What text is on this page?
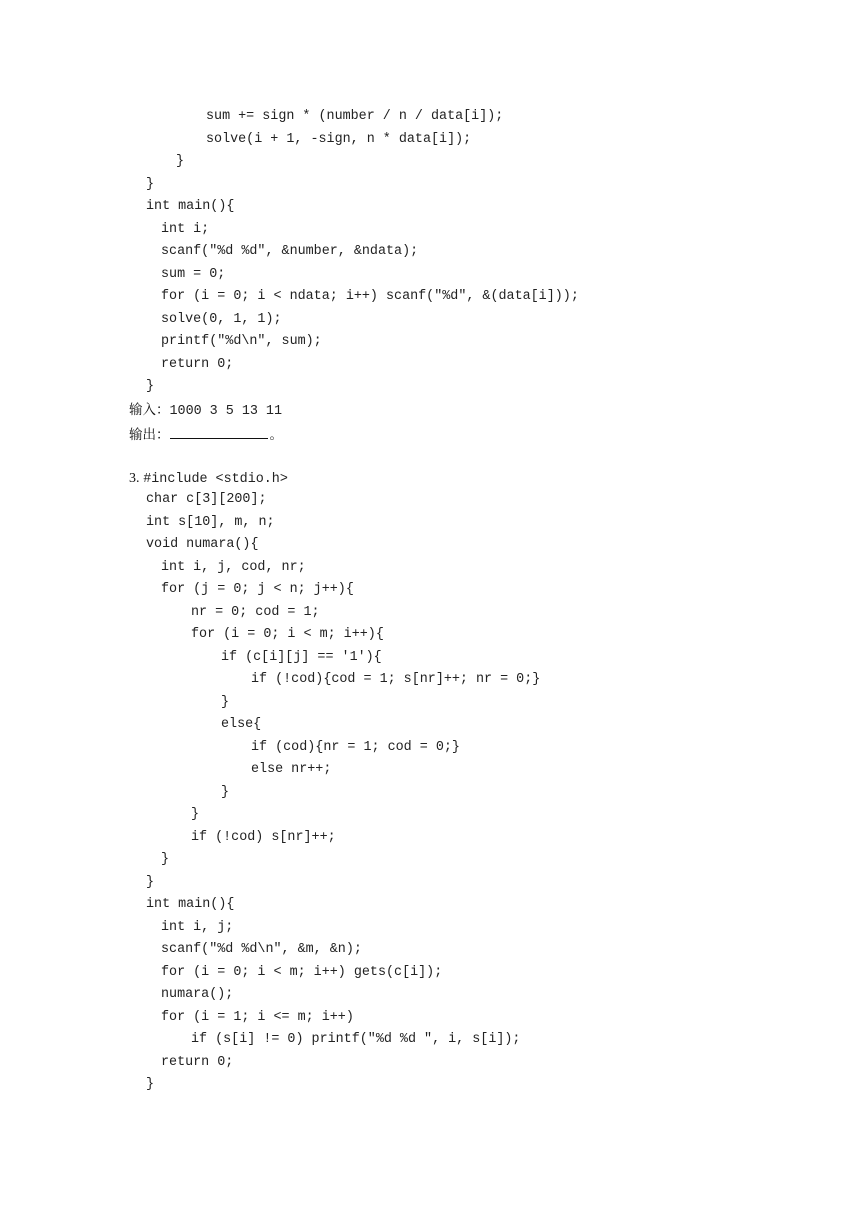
sum += sign * (number / n / data[i]);
solve(i + 1, -sign, n * data[i]);
}
}
int main(){
int i;
scanf("%d %d", &number, &ndata);
sum = 0;
for (i = 0; i < ndata; i++) scanf("%d", &(data[i]));
solve(0, 1, 1);
printf("%d\n", sum);
return 0;
}
输入：1000 3 5 13 11
输出：	。
3. #include <stdio.h>
char c[3][200];
int s[10], m, n;
void numara(){
int i, j, cod, nr;
for (j = 0; j < n; j++){
nr = 0; cod = 1;
for (i = 0; i < m; i++){
if (c[i][j] == '1'){
if (!cod){cod = 1; s[nr]++; nr = 0;}
}
else{
if (cod){nr = 1; cod = 0;}
else nr++;
}
}
if (!cod) s[nr]++;
}
}
int main(){
int i, j;
scanf("%d %d\n", &m, &n);
for (i = 0; i < m; i++) gets(c[i]);
numara();
for (i = 1; i <= m; i++)
if (s[i] != 0) printf("%d %d ", i, s[i]);
return 0;
}
